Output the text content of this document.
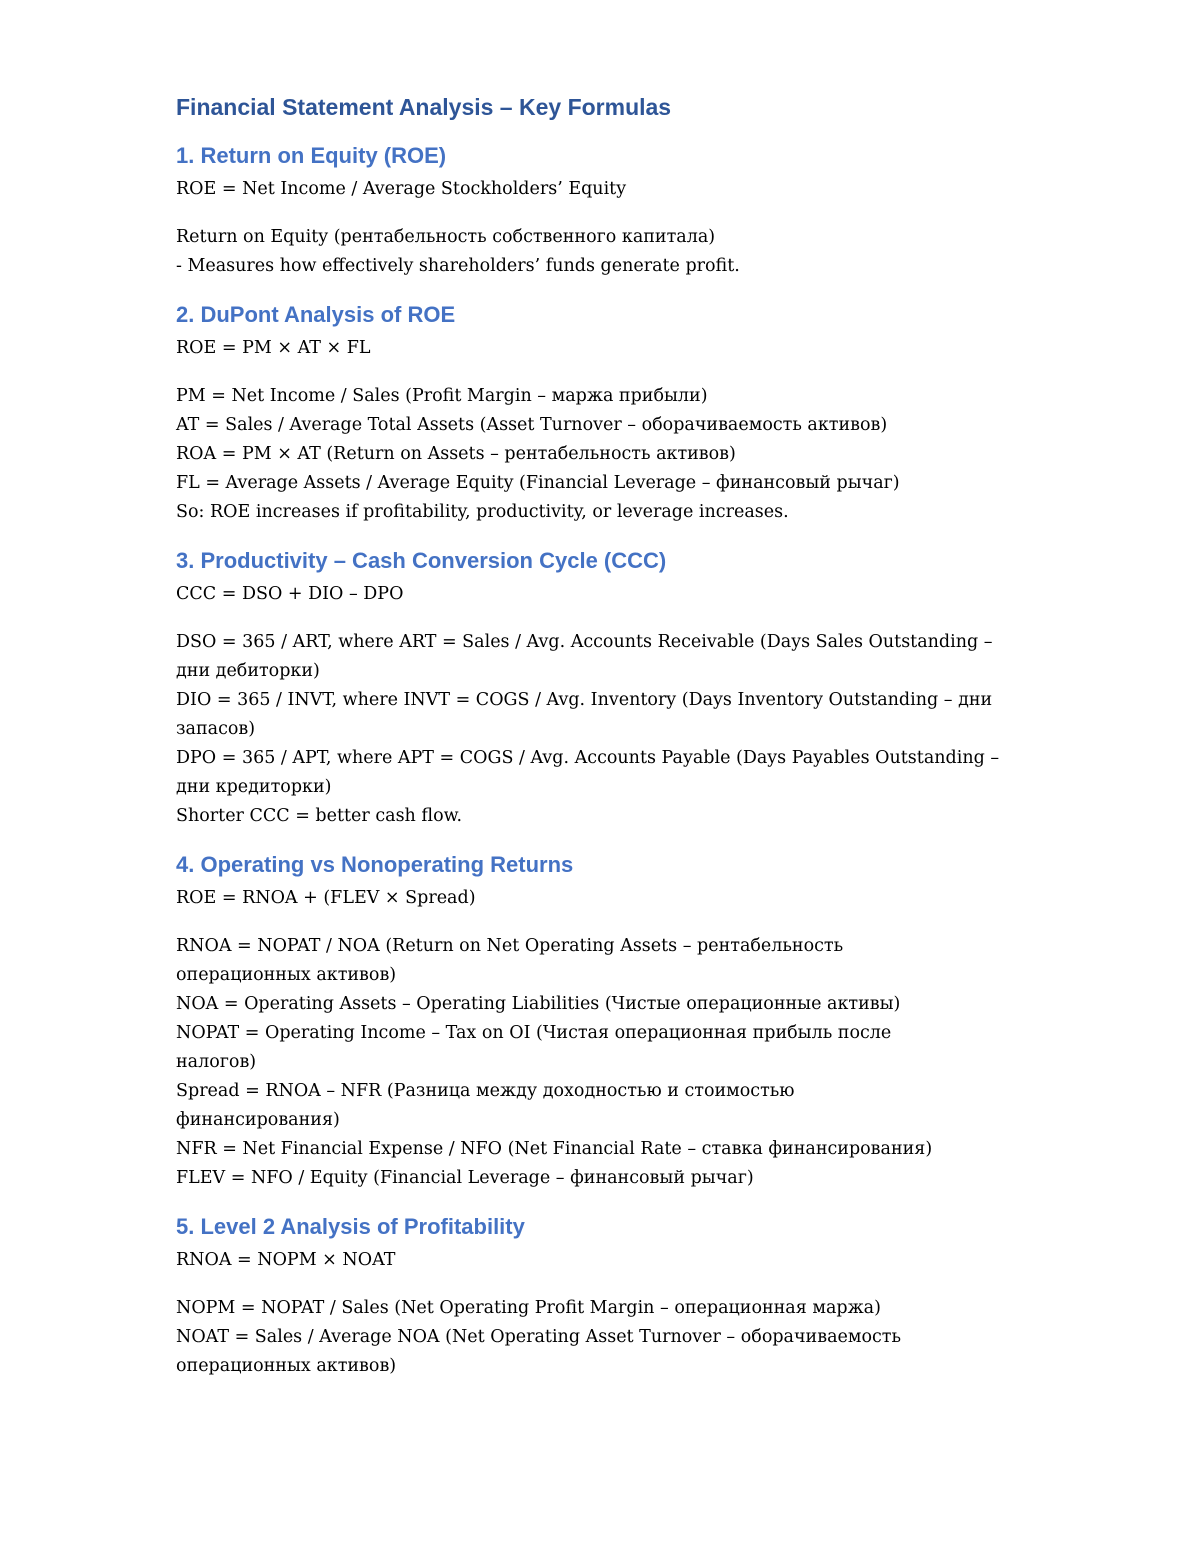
Financial Statement Analysis – Key Formulas
1. Return on Equity (ROE)

ROE = Net Income / Average Stockholders’ Equity

Return on Equity (рентабельность собственного капитала)

- Measures how effectively shareholders’ funds generate profit.

2. DuPont Analysis of ROE

ROE = PM × AT × FL

PM = Net Income / Sales (Profit Margin – маржа прибыли)

AT = Sales / Average Total Assets (Asset Turnover – оборачиваемость активов)

ROA = PM × AT (Return on Assets – рентабельность активов)

FL = Average Assets / Average Equity (Financial Leverage – финансовый рычаг)

So: ROE increases if profitability, productivity, or leverage increases.

3. Productivity – Cash Conversion Cycle (CCC)

CCC = DSO + DIO – DPO

DSO = 365 / ART, where ART = Sales / Avg. Accounts Receivable (Days Sales Outstanding –

дни дебиторки)

DIO = 365 / INVT, where INVT = COGS / Avg. Inventory (Days Inventory Outstanding – дни

запасов)

DPO = 365 / APT, where APT = COGS / Avg. Accounts Payable (Days Payables Outstanding –

дни кредиторки)

Shorter CCC = better cash flow.

4. Operating vs Nonoperating Returns

ROE = RNOA + (FLEV × Spread)

RNOA = NOPAT / NOA (Return on Net Operating Assets – рентабельность

операционных активов)

NOA = Operating Assets – Operating Liabilities (Чистые операционные активы)

NOPAT = Operating Income – Tax on OI (Чистая операционная прибыль после

налогов)

Spread = RNOA – NFR (Разница между доходностью и стоимостью

финансирования)

NFR = Net Financial Expense / NFO (Net Financial Rate – ставка финансирования)

FLEV = NFO / Equity (Financial Leverage – финансовый рычаг)

5. Level 2 Analysis of Profitability

RNOA = NOPM × NOAT

NOPM = NOPAT / Sales (Net Operating Profit Margin – операционная маржа)

NOAT = Sales / Average NOA (Net Operating Asset Turnover – оборачиваемость

операционных активов)
